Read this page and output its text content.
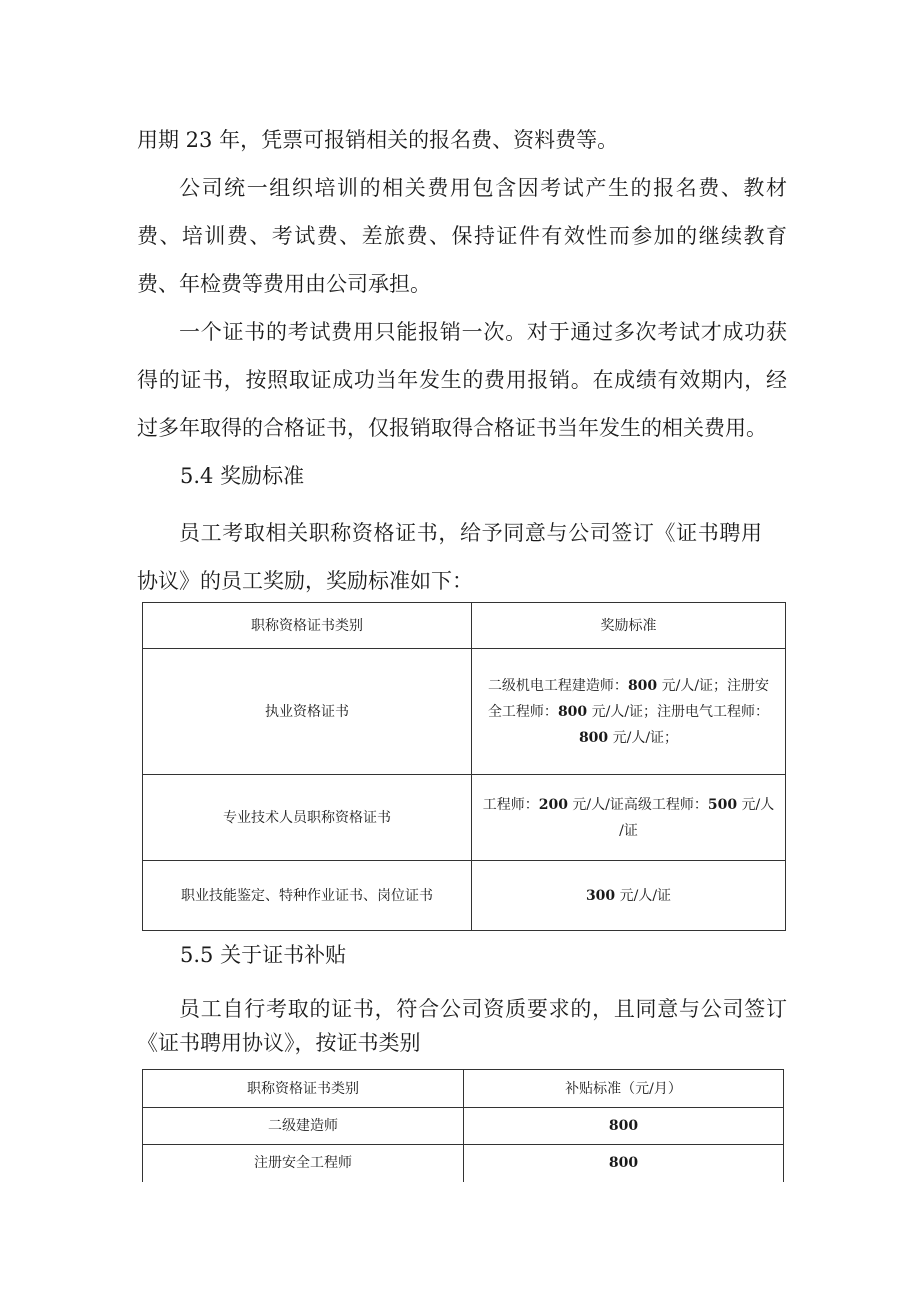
用期 23 年，凭票可报销相关的报名费、资料费等。

公司统一组织培训的相关费用包含因考试产生的报名费、教材费、培训费、考试费、差旅费、保持证件有效性而参加的继续教育费、年检费等费用由公司承担。

一个证书的考试费用只能报销一次。对于通过多次考试才成功获得的证书，按照取证成功当年发生的费用报销。在成绩有效期内，经过多年取得的合格证书，仅报销取得合格证书当年发生的相关费用。

5.4 奖励标准

员工考取相关职称资格证书，给予同意与公司签订《证书聘用协议》的员工奖励，奖励标准如下：

职称资格证书类别	奖励标准
执业资格证书	二级机电工程建造师：800 元/人/证；注册安
全工程师：800 元/人/证；注册电气工程师：
800 元/人/证；

专业技术人员职称资格证书	工程师：200 元/人/证高级工程师：500 元/人
/证

职业技能鉴定、特种作业证书、岗位证书	300 元/人/证
5.5 关于证书补贴

员工自行考取的证书，符合公司资质要求的，且同意与公司签订《证书聘用协议》，按证书类别

职称资格证书类别	补贴标准（元/月）
二级建造师	800
注册安全工程师	800
